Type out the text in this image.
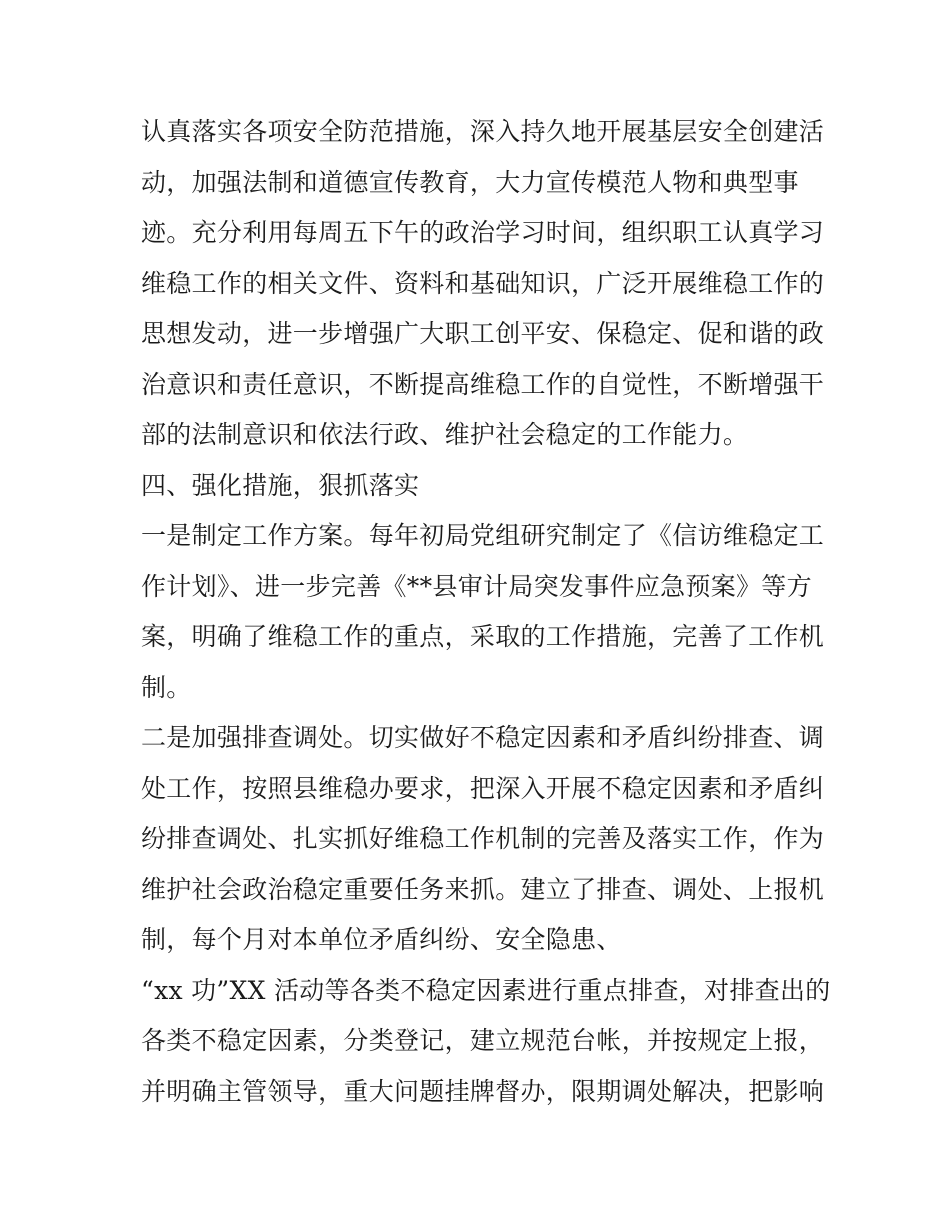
认真落实各项安全防范措施，深入持久地开展基层安全创建活
动，加强法制和道德宣传教育，大力宣传模范人物和典型事
迹。充分利用每周五下午的政治学习时间，组织职工认真学习
维稳工作的相关文件、资料和基础知识，广泛开展维稳工作的
思想发动，进一步增强广大职工创平安、保稳定、促和谐的政
治意识和责任意识，不断提高维稳工作的自觉性，不断增强干
部的法制意识和依法行政、维护社会稳定的工作能力。
四、强化措施，狠抓落实
一是制定工作方案。每年初局党组研究制定了《信访维稳定工
作计划》、进一步完善《**县审计局突发事件应急预案》等方
案，明确了维稳工作的重点，采取的工作措施，完善了工作机
制。
二是加强排查调处。切实做好不稳定因素和矛盾纠纷排查、调
处工作，按照县维稳办要求，把深入开展不稳定因素和矛盾纠
纷排查调处、扎实抓好维稳工作机制的完善及落实工作，作为
维护社会政治稳定重要任务来抓。建立了排查、调处、上报机
制，每个月对本单位矛盾纠纷、安全隐患、
“xx 功”XX 活动等各类不稳定因素进行重点排查，对排查出的
各类不稳定因素，分类登记，建立规范台帐，并按规定上报，
并明确主管领导，重大问题挂牌督办，限期调处解决，把影响
